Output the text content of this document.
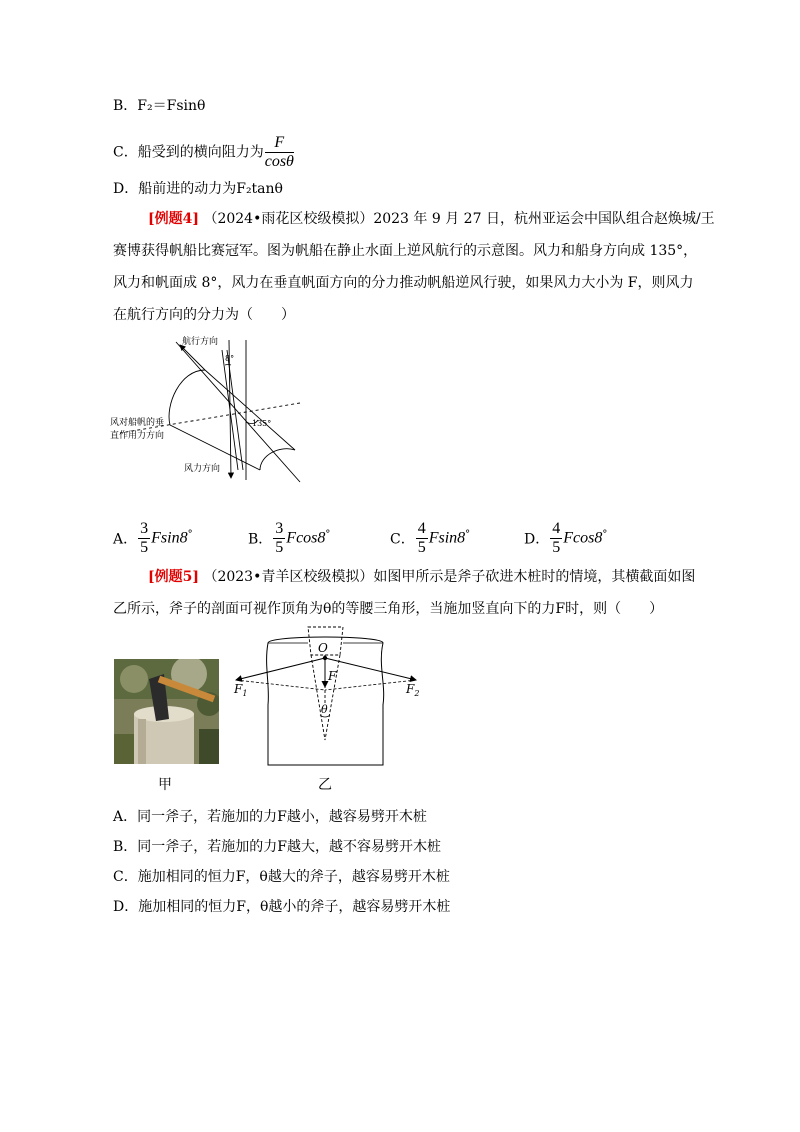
B．F₂＝Fsinθ
C．船受到的横向阻力为 $\frac{F}{\cos\theta}$
D．船前进的动力为F₂tanθ
[例题4] （2024•雨花区校级模拟）2023 年 9 月 27 日，杭州亚运会中国队组合赵焕城/王
赛博获得帆船比赛冠军。图为帆船在静止水面上逆风航行的示意图。风力和船身方向成 135°，
风力和帆面成 8°，风力在垂直帆面方向的分力推动帆船逆风行驶，如果风力大小为 F，则风力
在航行方向的分力为（　　）
航行方向
8°
135°
风对船帆的垂
直作用力方向
风力方向
A． $\frac{3}{5} Fsin8^\circ$	B． $\frac{3}{5} Fcos8^\circ$	C． $\frac{4}{5} Fsin8^\circ$	D． $\frac{4}{5} Fcos8^\circ$
[例题5] （2023•青羊区校级模拟）如图甲所示是斧子砍进木桩时的情境，其横截面如图
乙所示，斧子的剖面可视作顶角为θ的等腰三角形，当施加竖直向下的力F时，则（　　）
甲
O
F
$F_1$	$F_2$
θ
乙
A．同一斧子，若施加的力F越小，越容易劈开木桩
B．同一斧子，若施加的力F越大，越不容易劈开木桩
C．施加相同的恒力F，θ越大的斧子，越容易劈开木桩
D．施加相同的恒力F，θ越小的斧子，越容易劈开木桩
